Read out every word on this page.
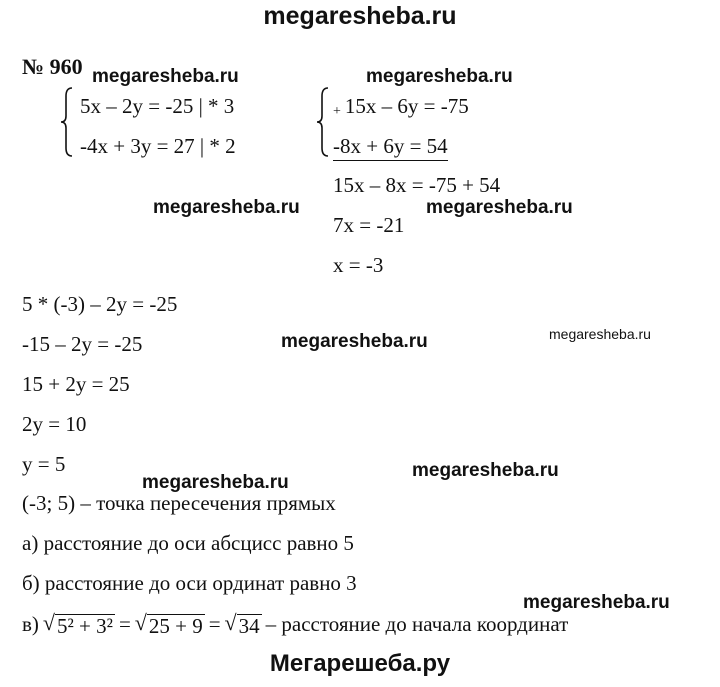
megaresheba.ru
Мегарешеба.ру
№ 960 megaresheba.ru	megaresheba.ru
megaresheba.ru	megaresheba.ru
megaresheba.ru	megaresheba.ru
megaresheba.ru
megaresheba.ru
megaresheba.ru
5x – 2y = -25 | * 3
-4x + 3y = 27 | * 2
+ 15x – 6y = -75
-8x + 6y = 54
15x – 8x = -75 + 54
7x = -21
x = -3
5 * (-3) – 2y = -25
-15 – 2y = -25
15 + 2y = 25
2y = 10
y = 5
(-3; 5) – точка пересечения прямых
а) расстояние до оси абсцисс равно 5
б) расстояние до оси ординат равно 3
в) √ 5² + 3² = √ 25 + 9 = √ 34 – расстояние до начала координат
